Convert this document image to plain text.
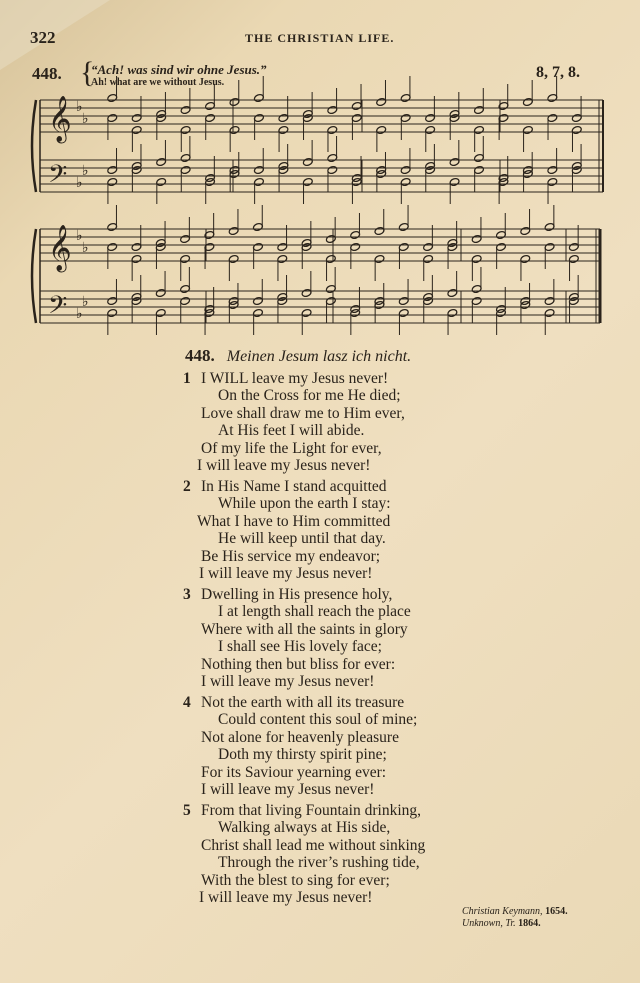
322	THE CHRISTIAN LIFE.
448. {
“Ach! was sind wir ohne Jesus.”
Ah! what are we without Jesus.
8, 7, 8.
𝄞 ♭
♭
𝄢 ♭
♭
𝄞 ♭
♭
𝄢 ♭
♭
448. Meinen Jesum lasz ich nicht.
1 I WILL leave my Jesus never!
On the Cross for me He died;
Love shall draw me to Him ever,
At His feet I will abide.
Of my life the Light for ever,
I will leave my Jesus never!
2 In His Name I stand acquitted
While upon the earth I stay:
What I have to Him committed
He will keep until that day.
Be His service my endeavor;
I will leave my Jesus never!
3 Dwelling in His presence holy,
I at length shall reach the place
Where with all the saints in glory
I shall see His lovely face;
Nothing then but bliss for ever:
I will leave my Jesus never!
4 Not the earth with all its treasure
Could content this soul of mine;
Not alone for heavenly pleasure
Doth my thirsty spirit pine;
For its Saviour yearning ever:
I will leave my Jesus never!
5 From that living Fountain drinking,
Walking always at His side,
Christ shall lead me without sinking
Through the river’s rushing tide,
With the blest to sing for ever;
I will leave my Jesus never!
Christian Keymann, 1654.
Unknown, Tr. 1864.
